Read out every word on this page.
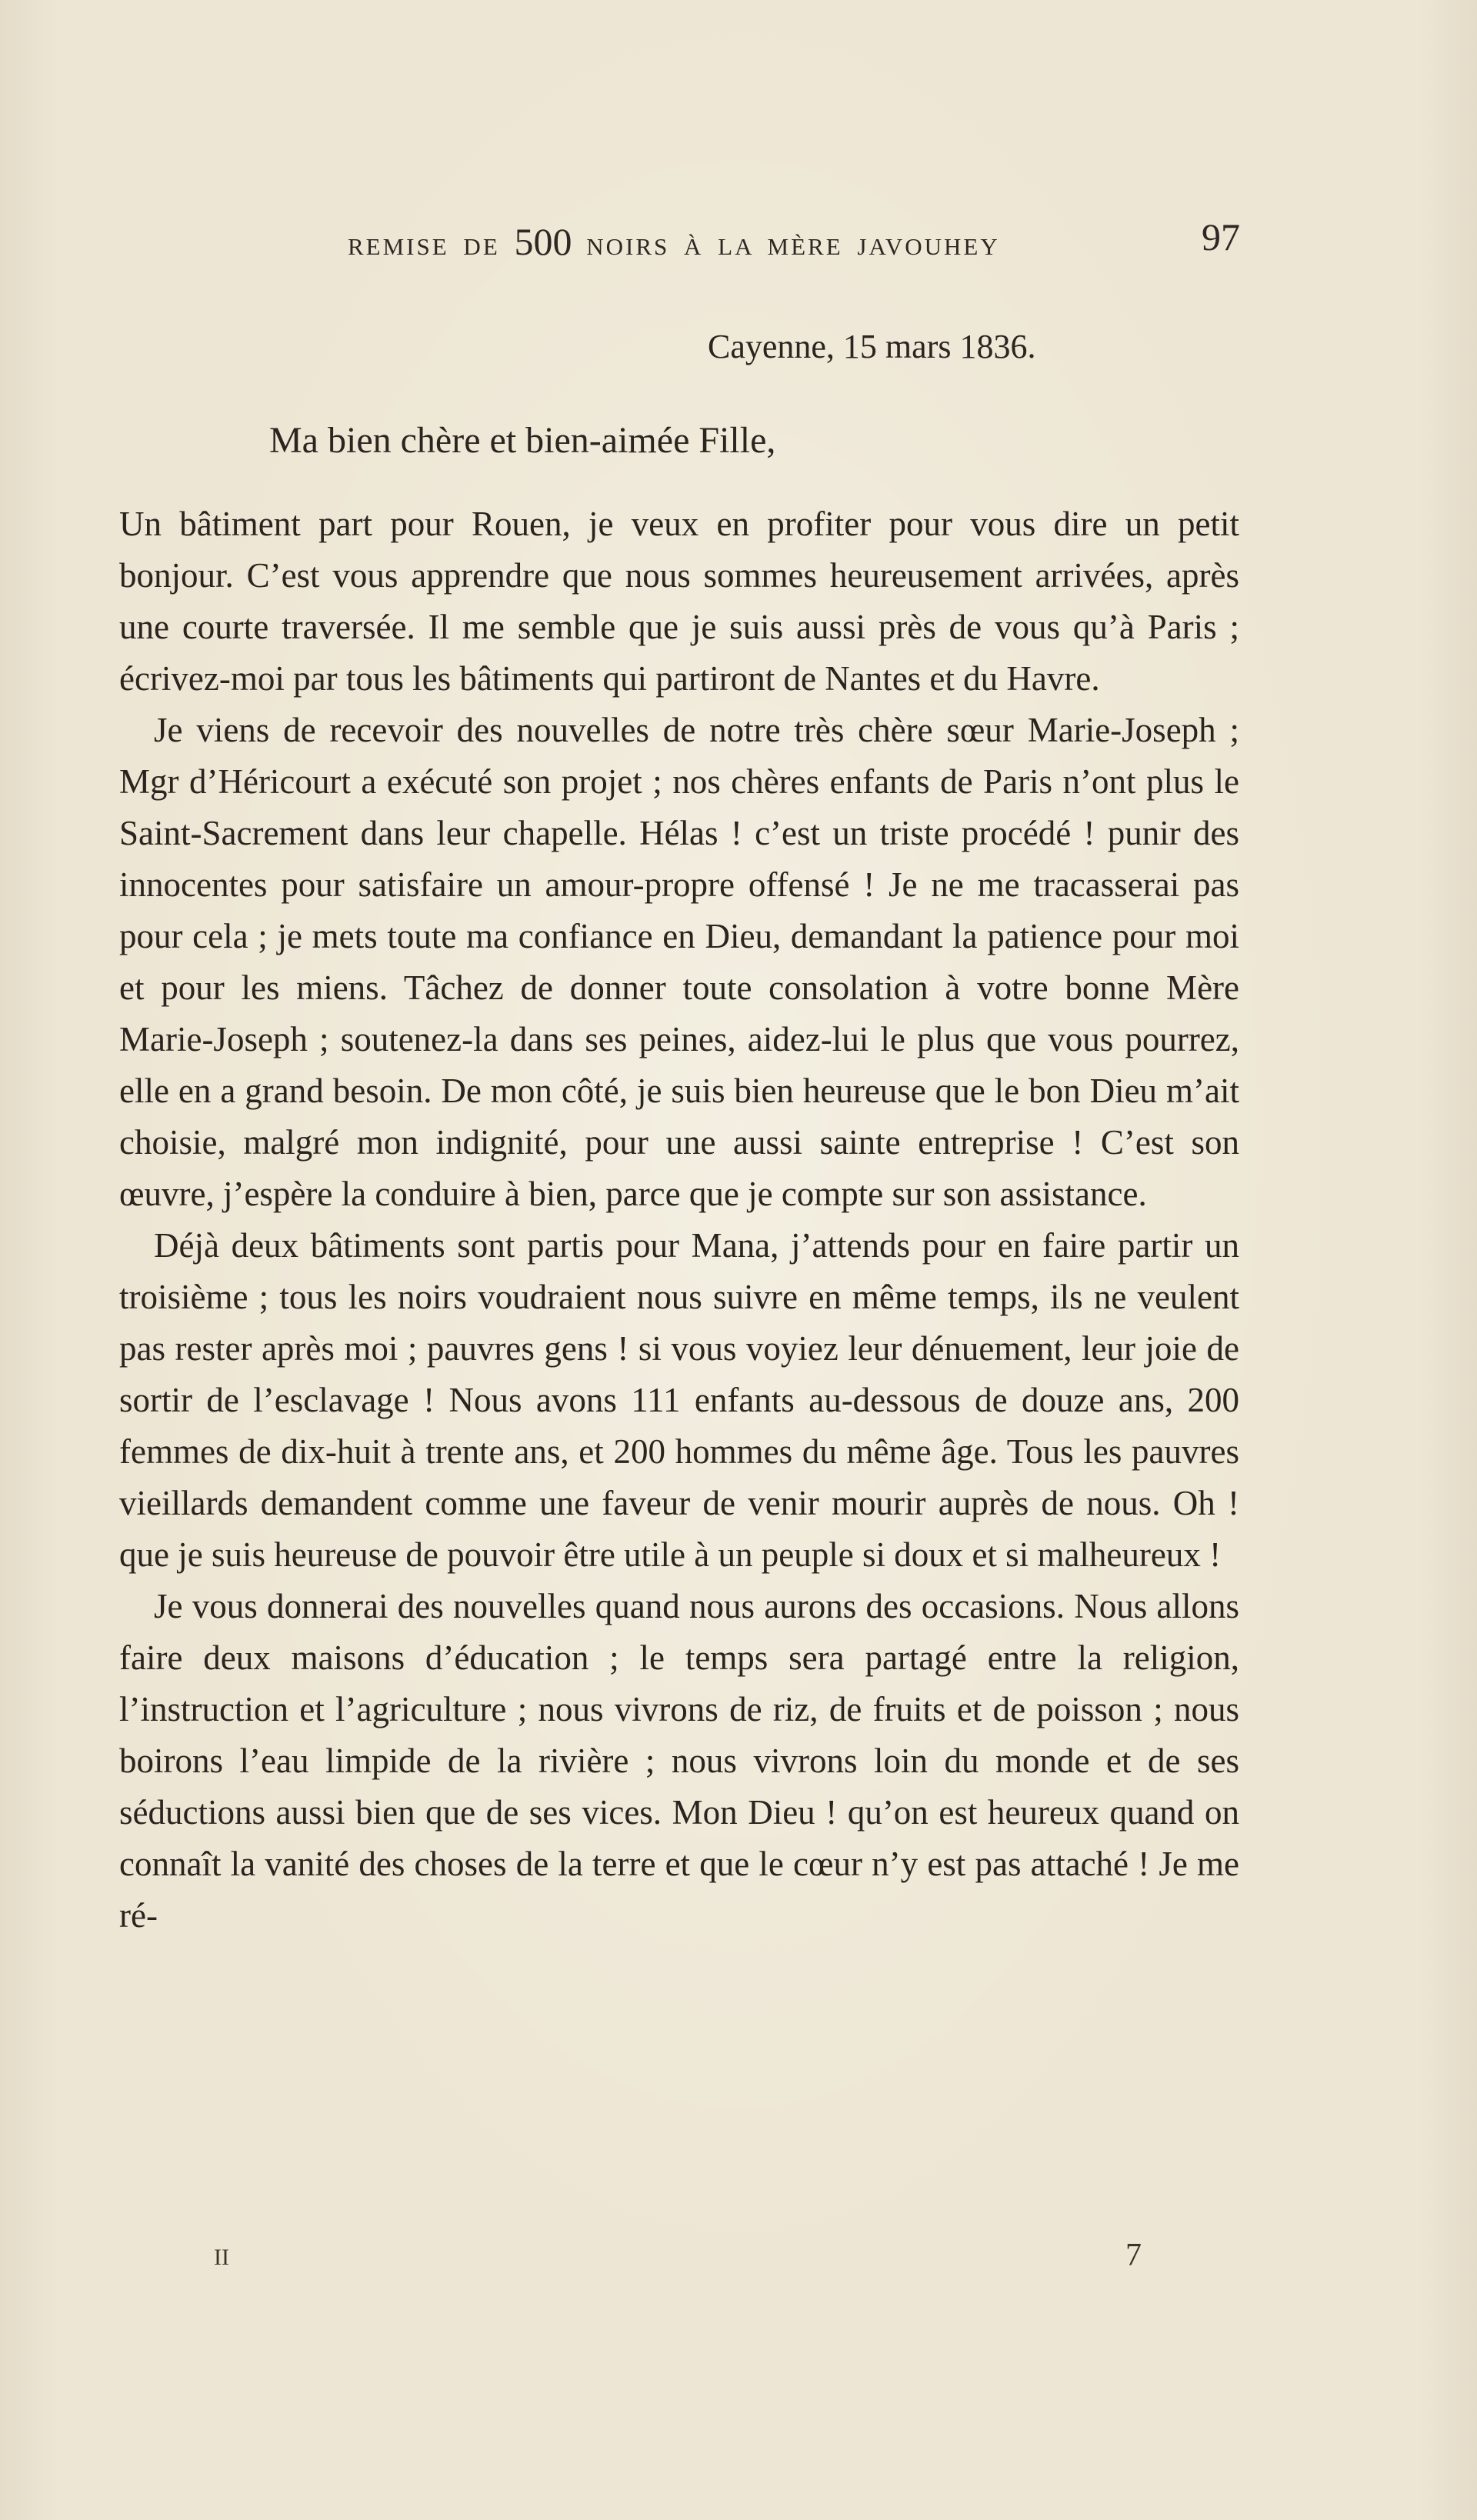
REMISE DE 500 NOIRS À LA MÈRE JAVOUHEY	97
Cayenne, 15 mars 1836.
Ma bien chère et bien-aimée Fille,

Un bâtiment part pour Rouen, je veux en profiter pour vous dire un petit bonjour. C’est vous apprendre que nous sommes heureusement arrivées, après une courte traversée. Il me semble que je suis aussi près de vous qu’à Paris ; écrivez-moi par tous les bâtiments qui partiront de Nantes et du Havre.

Je viens de recevoir des nouvelles de notre très chère sœur Marie-Joseph ; Mgr d’Héricourt a exécuté son projet ; nos chères enfants de Paris n’ont plus le Saint-Sacrement dans leur chapelle. Hélas ! c’est un triste procédé ! punir des innocentes pour satisfaire un amour-propre offensé ! Je ne me tracasserai pas pour cela ; je mets toute ma confiance en Dieu, demandant la patience pour moi et pour les miens. Tâchez de donner toute consolation à votre bonne Mère Marie-Joseph ; soutenez-la dans ses peines, aidez-lui le plus que vous pourrez, elle en a grand besoin. De mon côté, je suis bien heureuse que le bon Dieu m’ait choisie, malgré mon indignité, pour une aussi sainte entreprise ! C’est son œuvre, j’espère la conduire à bien, parce que je compte sur son assistance.

Déjà deux bâtiments sont partis pour Mana, j’attends pour en faire partir un troisième ; tous les noirs voudraient nous suivre en même temps, ils ne veulent pas rester après moi ; pauvres gens ! si vous voyiez leur dénuement, leur joie de sortir de l’esclavage ! Nous avons 111 enfants au-dessous de douze ans, 200 femmes de dix-huit à trente ans, et 200 hommes du même âge. Tous les pauvres vieillards demandent comme une faveur de venir mourir auprès de nous. Oh ! que je suis heureuse de pouvoir être utile à un peuple si doux et si malheureux !

Je vous donnerai des nouvelles quand nous aurons des occasions. Nous allons faire deux maisons d’éducation ; le temps sera partagé entre la religion, l’instruction et l’agriculture ; nous vivrons de riz, de fruits et de poisson ; nous boirons l’eau limpide de la rivière ; nous vivrons loin du monde et de ses séductions aussi bien que de ses vices. Mon Dieu ! qu’on est heureux quand on connaît la vanité des choses de la terre et que le cœur n’y est pas attaché ! Je me ré-

II	7
